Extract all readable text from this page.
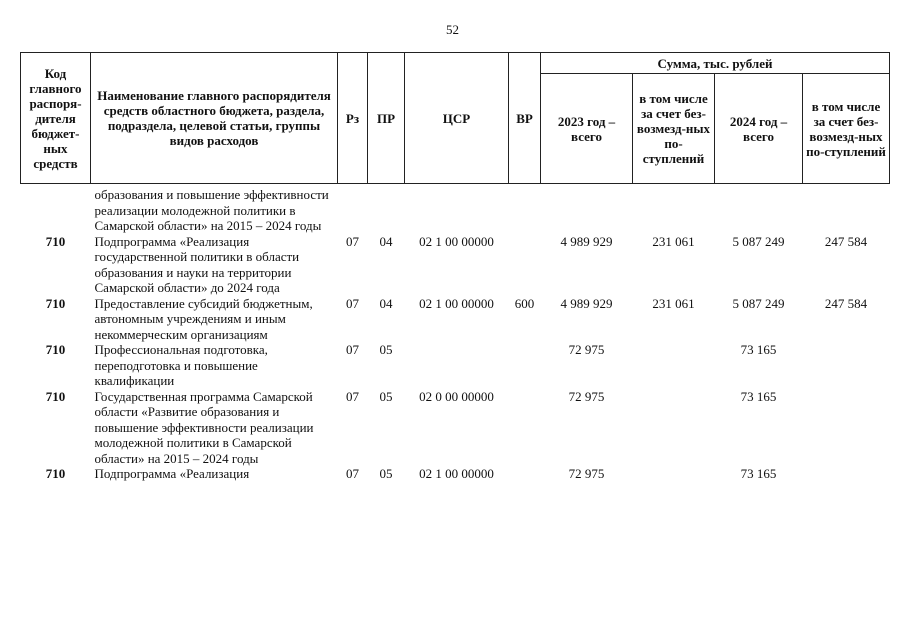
52
Код главного распоря-дителя бюджет-ных средств	Наименование главного распорядителя средств областного бюджета, раздела, подраздела, целевой статьи, группы видов расходов	Рз	ПР	ЦСР	ВР	Сумма, тыс. рублей			
						2023 год – всего	в том числе за счет без-возмезд-ных по-ступлений	2024 год – всего	в том числе за счет без-возмезд-ных по-ступлений
	образования и повышение эффективности реализации молодежной политики в Самарской области» на 2015 – 2024 годы								
710	Подпрограмма «Реализация государственной политики в области образования и науки на территории Самарской области» до 2024 года	07	04	02 1 00 00000		4 989 929	231 061	5 087 249	247 584
710	Предоставление субсидий бюджетным, автономным учреждениям и иным некоммерческим организациям	07	04	02 1 00 00000	600	4 989 929	231 061	5 087 249	247 584
710	Профессиональная подготовка, переподготовка и повышение квалификации	07	05			72 975		73 165	
710	Государственная программа Самарской области «Развитие образования и повышение эффективности реализации молодежной политики в Самарской области» на 2015 – 2024 годы	07	05	02 0 00 00000		72 975		73 165	
710	Подпрограмма «Реализация	07	05	02 1 00 00000		72 975		73 165	
